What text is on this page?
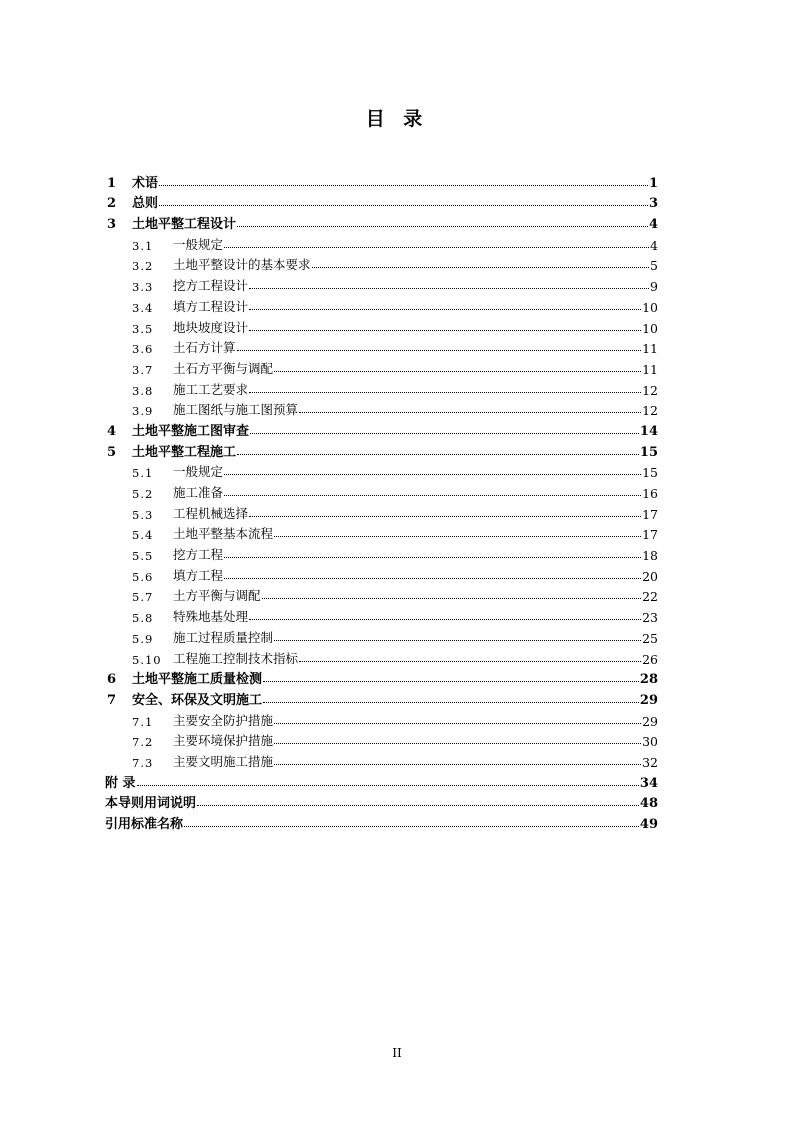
目 录
1	术语	1
2	总则	3
3	土地平整工程设计	4
3.1	一般规定	4
3.2	土地平整设计的基本要求	5
3.3	挖方工程设计	9
3.4	填方工程设计	10
3.5	地块坡度设计	10
3.6	土石方计算	11
3.7	土石方平衡与调配	11
3.8	施工工艺要求	12
3.9	施工图纸与施工图预算	12
4	土地平整施工图审查	14
5	土地平整工程施工	15
5.1	一般规定	15
5.2	施工准备	16
5.3	工程机械选择	17
5.4	土地平整基本流程	17
5.5	挖方工程	18
5.6	填方工程	20
5.7	土方平衡与调配	22
5.8	特殊地基处理	23
5.9	施工过程质量控制	25
5.10 工程施工控制技术指标	26
6	土地平整施工质量检测	28
7	安全、环保及文明施工	29
7.1	主要安全防护措施	29
7.2	主要环境保护措施	30
7.3	主要文明施工措施	32
附 录	34
本导则用词说明	48
引用标准名称	49
II
